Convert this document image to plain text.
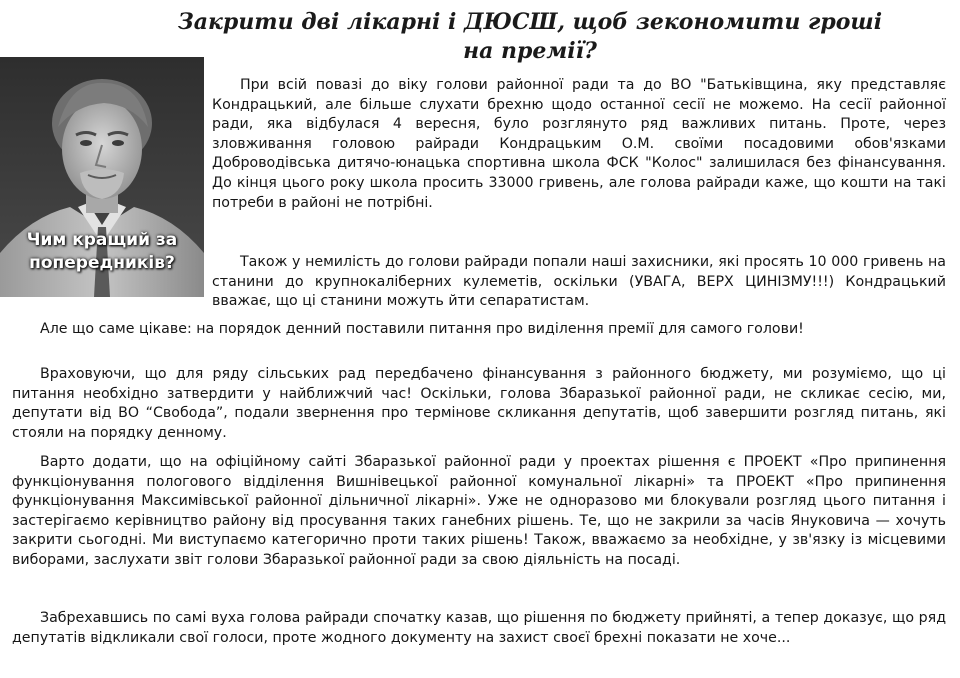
Закрити дві лікарні і ДЮСШ, щоб зекономити гроші на премії?
Чим кращий за
попередників?

При всій повазі до віку голови районної ради та до ВО "Батьківщина, яку представляє Кондрацький, але більше слухати брехню щодо останної сесії не можемо. На сесії районної ради, яка відбулася 4 вересня, було розглянуто ряд важливих питань. Проте, через зловживання головою райради Кондрацьким О.М. своїми посадовими обов'язками Доброводівська дитячо-юнацька спортивна школа ФСК "Колос" залишилася без фінансування. До кінця цього року школа просить 33000 гривень, але голова райради каже, що кошти на такі потреби в районі не потрібні.

Також у немилість до голови райради попали наші захисники, які просять 10 000 гривень на станини до крупнокаліберних кулеметів, оскільки (УВАГА, ВЕРХ ЦИНІЗМУ!!!) Кондрацький вважає, що ці станини можуть йти сепаратистам.

Але що саме цікаве: на порядок денний поставили питання про виділення премії для самого голови!

Враховуючи, що для ряду сільських рад передбачено фінансування з районного бюджету, ми розуміємо, що ці питання необхідно затвердити у найближчий час! Оскільки, голова Збаразької районної ради, не скликає сесію, ми, депутати від ВО “Свобода”, подали звернення про термінове скликання депутатів, щоб завершити розгляд питань, які стояли на порядку денному.

Варто додати, що на офіційному сайті Збаразької районної ради у проектах рішення є ПРОЕКТ «Про припинення функціонування пологового відділення Вишнівецької районної комунальної лікарні» та ПРОЕКТ «Про припинення функціонування Максимівської районної дільничної лікарні». Уже не одноразово ми блокували розгляд цього питання і застерігаємо керівництво району від просування таких ганебних рішень. Те, що не закрили за часів Януковича — хочуть закрити сьогодні. Ми виступаємо категорично проти таких рішень! Також, вважаємо за необхідне, у зв'язку із місцевими виборами, заслухати звіт голови Збаразької районної ради за свою діяльність на посаді.

Забрехавшись по самі вуха голова райради спочатку казав, що рішення по бюджету прийняті, а тепер доказує, що ряд депутатів відкликали свої голоси, проте жодного документу на захист своєї брехні показати не хоче...
